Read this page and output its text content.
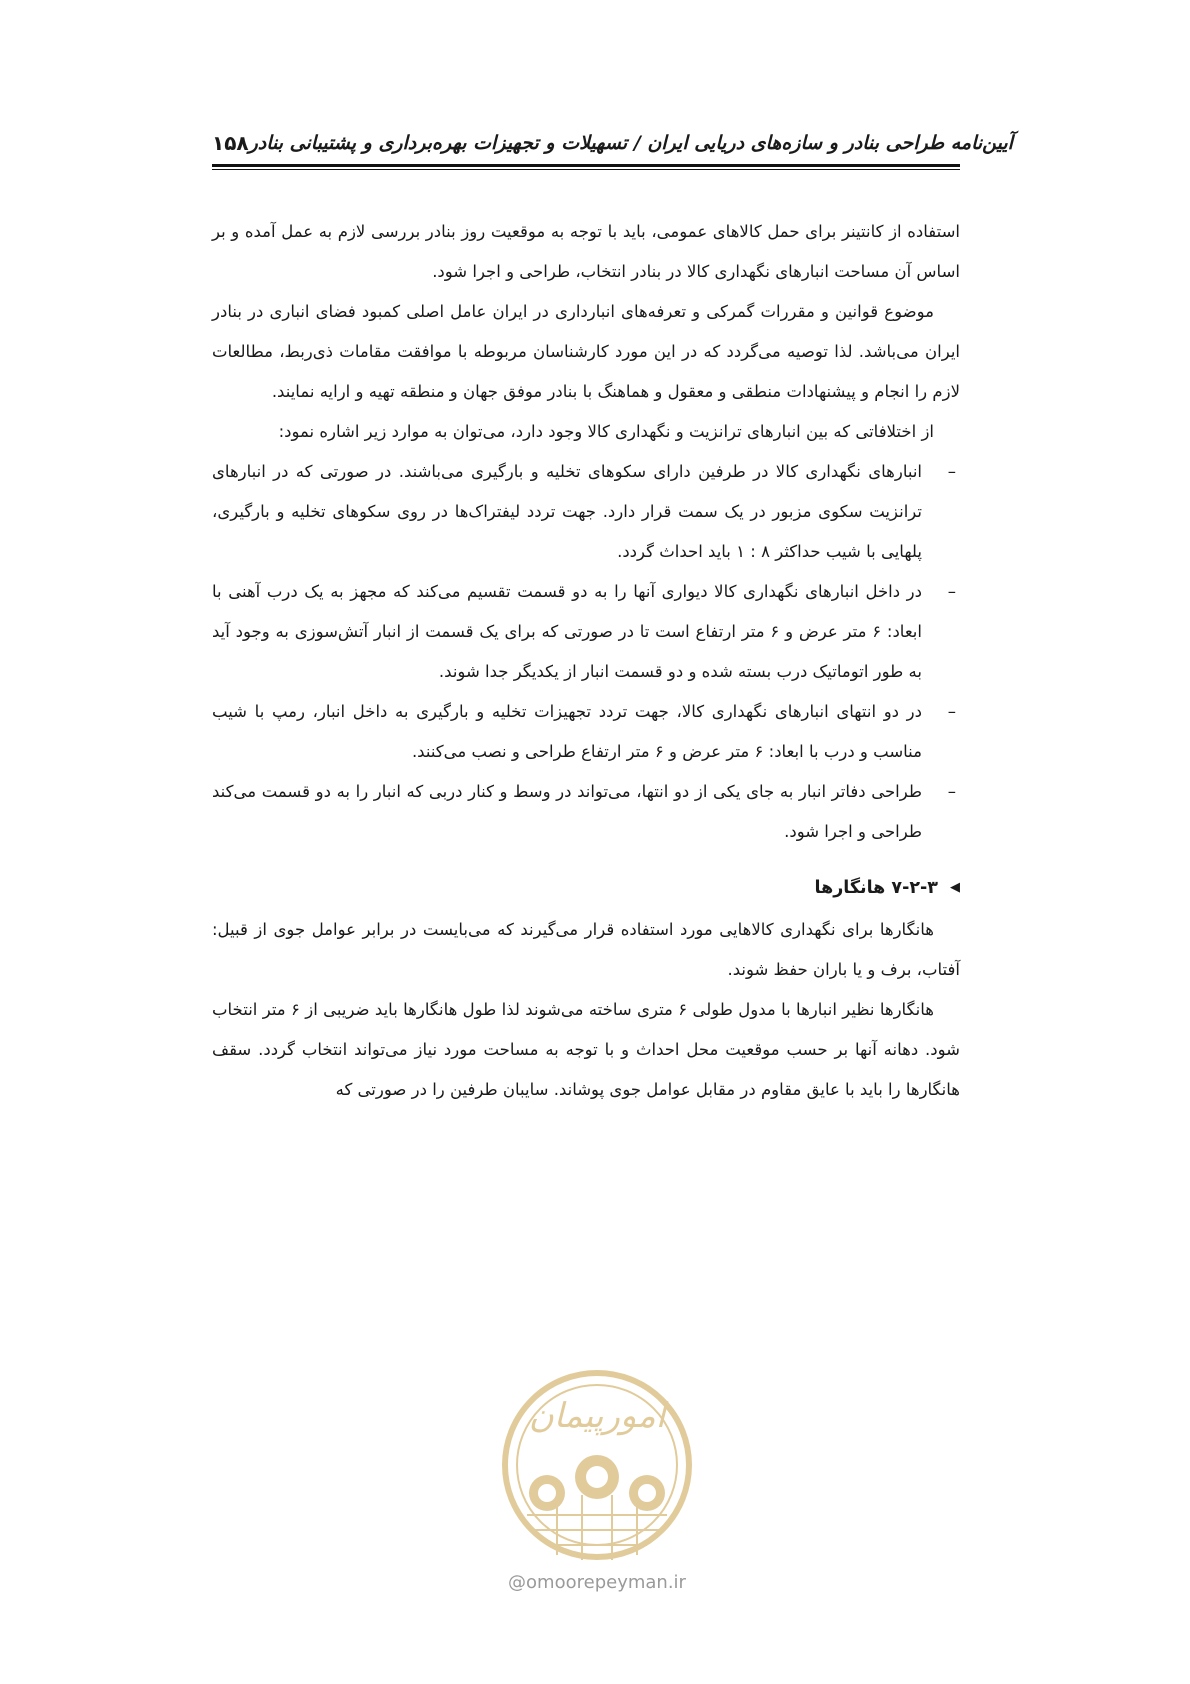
۱۵۸ آیین‌نامه طراحی بنادر و سازه‌های دریایی ایران / تسهیلات و تجهیزات بهره‌برداری و پشتیبانی بنادر

استفاده از کانتینر برای حمل کالاهای عمومی، باید با توجه به موقعیت روز بنادر بررسی لازم به عمل آمده و بر اساس آن مساحت انبارهای نگهداری کالا در بنادر انتخاب، طراحی و اجرا شود.

موضوع قوانین و مقررات گمرکی و تعرفه‌های انبارداری در ایران عامل اصلی کمبود فضای انباری در بنادر ایران می‌باشد. لذا توصیه می‌گردد که در این مورد کارشناسان مربوطه با موافقت مقامات ذی‌ربط، مطالعات لازم را انجام و پیشنهادات منطقی و معقول و هماهنگ با بنادر موفق جهان و منطقه تهیه و ارایه نمایند.

از اختلافاتی که بین انبارهای ترانزیت و نگهداری کالا وجود دارد، می‌توان به موارد زیر اشاره نمود:

–
انبارهای نگهداری کالا در طرفین دارای سکوهای تخلیه و بارگیری می‌باشند. در صورتی که در انبارهای ترانزیت سکوی مزبور در یک سمت قرار دارد. جهت تردد لیفتراک‌ها در روی سکوهای تخلیه و بارگیری، پلهایی با شیب حداکثر ۸ : ۱ باید احداث گردد.
–
در داخل انبارهای نگهداری کالا دیواری آنها را به دو قسمت تقسیم می‌کند که مجهز به یک درب آهنی با ابعاد: ۶ متر عرض و ۶ متر ارتفاع است تا در صورتی که برای یک قسمت از انبار آتش‌سوزی به وجود آید به طور اتوماتیک درب بسته شده و دو قسمت انبار از یکدیگر جدا شوند.
–
در دو انتهای انبارهای نگهداری کالا، جهت تردد تجهیزات تخلیه و بارگیری به داخل انبار، رمپ با شیب مناسب و درب با ابعاد: ۶ متر عرض و ۶ متر ارتفاع طراحی و نصب می‌کنند.
–
طراحی دفاتر انبار به جای یکی از دو انتها، می‌تواند در وسط و کنار دربی که انبار را به دو قسمت می‌کند طراحی و اجرا شود.
◀
۷-۲-۳ هانگارها

هانگارها برای نگهداری کالاهایی مورد استفاده قرار می‌گیرند که می‌بایست در برابر عوامل جوی از قبیل: آفتاب، برف و یا باران حفظ شوند.

هانگارها نظیر انبارها با مدول طولی ۶ متری ساخته می‌شوند لذا طول هانگارها باید ضریبی از ۶ متر انتخاب شود. دهانه آنها بر حسب موقعیت محل احداث و با توجه به مساحت مورد نیاز می‌تواند انتخاب گردد. سقف هانگارها را باید با عایق مقاوم در مقابل عوامل جوی پوشاند. سایبان طرفین را در صورتی که

امورپیمان
@omoorepeyman.ir
